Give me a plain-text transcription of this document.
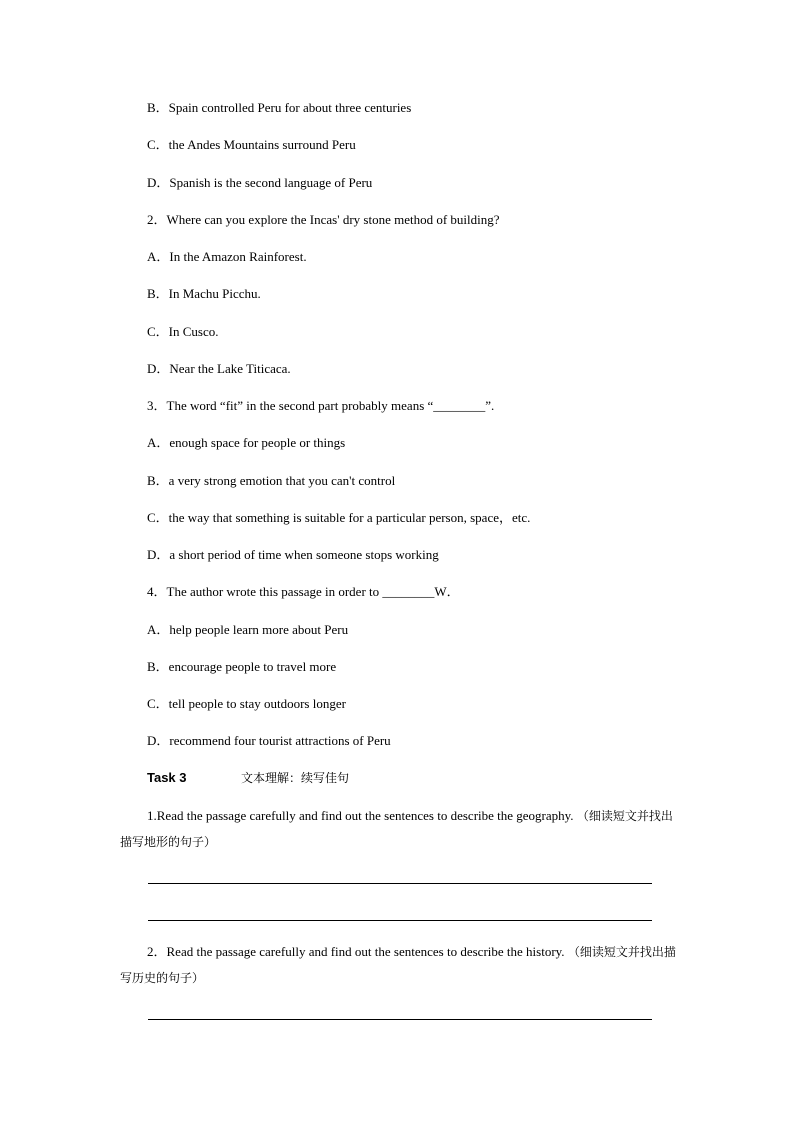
B．Spain controlled Peru for about three centuries
C．the Andes Mountains surround Peru
D．Spanish is the second language of Peru
2．Where can you explore the Incas' dry stone method of building?
A．In the Amazon Rainforest.
B．In Machu Picchu.
C．In Cusco.
D．Near the Lake Titicaca.
3．The word “fit” in the second part probably means “________”.
A．enough space for people or things
B．a very strong emotion that you can't control
C．the way that something is suitable for a particular person, space，etc.
D．a short period of time when someone stops working
4．The author wrote this passage in order to ________W．
A．help people learn more about Peru
B．encourage people to travel more
C．tell people to stay outdoors longer
D．recommend four tourist attractions of Peru
Task 3	文本理解：续写佳句
1.Read the passage carefully and find out the sentences to describe the geography. （细读短文并找出描写地形的句子）
2．Read the passage carefully and find out the sentences to describe the history. （细读短文并找出描写历史的句子）
